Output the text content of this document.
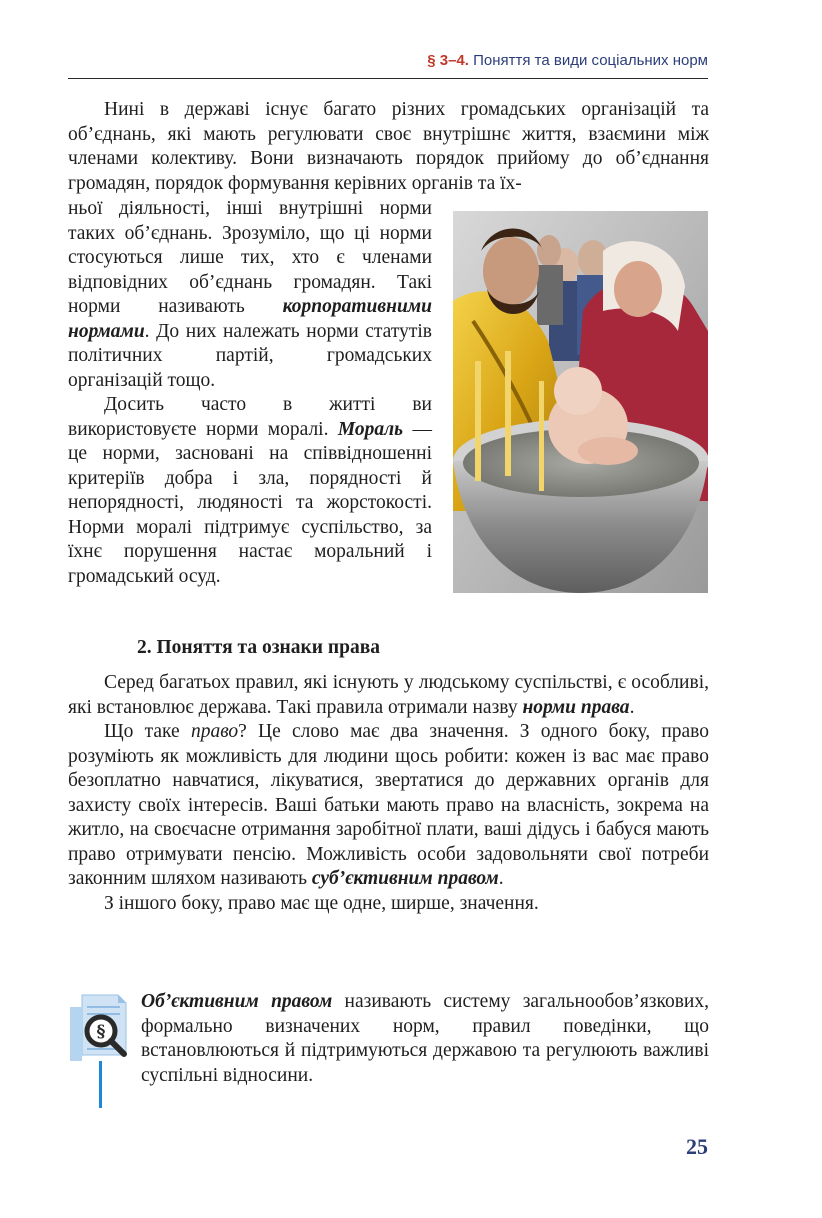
§ 3–4. Поняття та види соціальних норм

Нині в державі існує багато різних громадських організацій та об’єднань, які мають регулювати своє внутрішнє життя, взаємини між членами колективу. Вони визначають порядок прийому до об’єднання громадян, порядок формування керівних органів та їх-

ньої діяльності, інші внутрішні норми таких об’єднань. Зрозуміло, що ці норми стосуються лише тих, хто є членами відповідних об’єднань громадян. Такі норми називають корпоративними нормами. До них належать норми статутів політичних партій, громадських організацій тощо.

Досить часто в житті ви використовуєте норми моралі. Мораль — це норми, засновані на співвідношенні критеріїв добра і зла, порядності й непорядності, людяності та жорстокості. Норми моралі підтримує суспільство, за їхнє порушення настає моральний і громадський осуд.

2. Поняття та ознаки права

Серед багатьох правил, які існують у людському суспільстві, є особливі, які встановлює держава. Такі правила отримали назву норми права.

Що таке право? Це слово має два значення. З одного боку, право розуміють як можливість для людини щось робити: кожен із вас має право безоплатно навчатися, лікуватися, звертатися до державних органів для захисту своїх інтересів. Ваші батьки мають право на власність, зокрема на житло, на своєчасне отримання заробітної плати, ваші дідусь і бабуся мають право отримувати пенсію. Можливість особи задовольняти свої потреби законним шляхом називають суб’єктивним правом.

З іншого боку, право має ще одне, ширше, значення.

§

Об’єктивним правом називають систему загальнообов’язкових, формально визначених норм, правил поведінки, що встановлюються й підтримуються державою та регулюють важливі суспільні відносини.

25
